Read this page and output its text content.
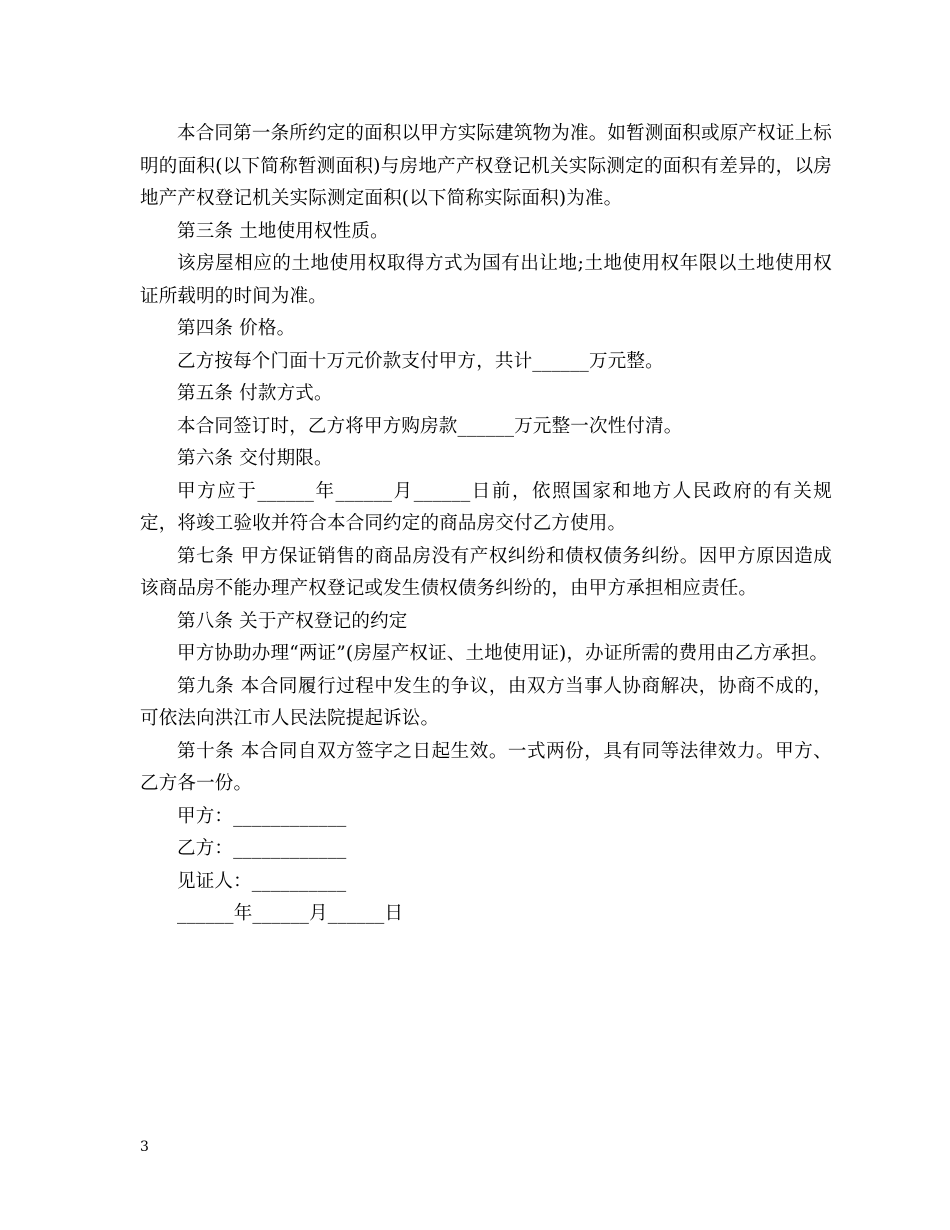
本合同第一条所约定的面积以甲方实际建筑物为准。如暂测面积或原产权证上标明的面积(以下简称暂测面积)与房地产产权登记机关实际测定的面积有差异的，以房地产产权登记机关实际测定面积(以下简称实际面积)为准。

第三条 土地使用权性质。

该房屋相应的土地使用权取得方式为国有出让地;土地使用权年限以土地使用权证所载明的时间为准。

第四条 价格。

乙方按每个门面十万元价款支付甲方，共计______万元整。

第五条 付款方式。

本合同签订时，乙方将甲方购房款______万元整一次性付清。

第六条 交付期限。

甲方应于______年______月______日前，依照国家和地方人民政府的有关规定，将竣工验收并符合本合同约定的商品房交付乙方使用。

第七条 甲方保证销售的商品房没有产权纠纷和债权债务纠纷。因甲方原因造成该商品房不能办理产权登记或发生债权债务纠纷的，由甲方承担相应责任。

第八条 关于产权登记的约定

甲方协助办理“两证”(房屋产权证、土地使用证)，办证所需的费用由乙方承担。

第九条 本合同履行过程中发生的争议，由双方当事人协商解决，协商不成的，可依法向洪江市人民法院提起诉讼。

第十条 本合同自双方签字之日起生效。一式两份，具有同等法律效力。甲方、乙方各一份。

甲方：____________

乙方：____________

见证人：__________

______年______月______日

3
